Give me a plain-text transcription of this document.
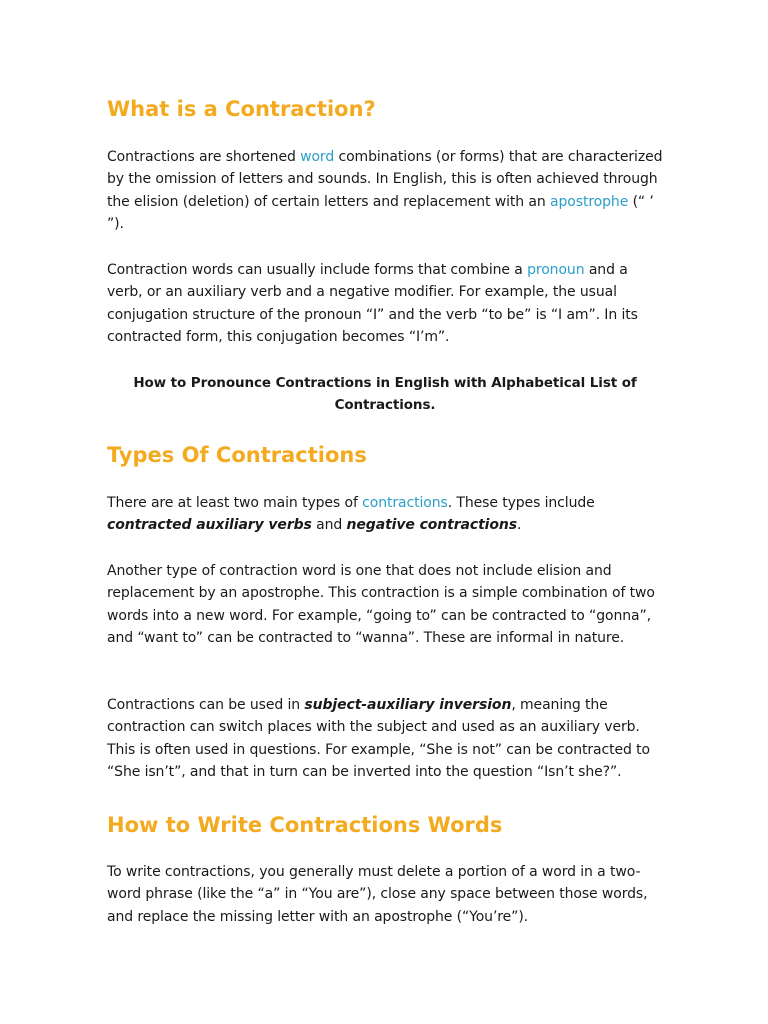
What is a Contraction?

Contractions are shortened word combinations (or forms) that are characterized by the omission of letters and sounds. In English, this is often achieved through the elision (deletion) of certain letters and replacement with an apostrophe (“ ’ ”).

Contraction words can usually include forms that combine a pronoun and a verb, or an auxiliary verb and a negative modifier. For example, the usual conjugation structure of the pronoun “I” and the verb “to be” is “I am”. In its contracted form, this conjugation becomes “I’m”.

How to Pronounce Contractions in English with Alphabetical List of Contractions.

Types Of Contractions

There are at least two main types of contractions. These types include contracted auxiliary verbs and negative contractions.

Another type of contraction word is one that does not include elision and replacement by an apostrophe. This contraction is a simple combination of two words into a new word. For example, “going to” can be contracted to “gonna”, and “want to” can be contracted to “wanna”. These are informal in nature.

Contractions can be used in subject-auxiliary inversion, meaning the contraction can switch places with the subject and used as an auxiliary verb. This is often used in questions. For example, “She is not” can be contracted to “She isn’t”, and that in turn can be inverted into the question “Isn’t she?”.

How to Write Contractions Words

To write contractions, you generally must delete a portion of a word in a two-word phrase (like the “a” in “You are”), close any space between those words, and replace the missing letter with an apostrophe (“You’re”).
